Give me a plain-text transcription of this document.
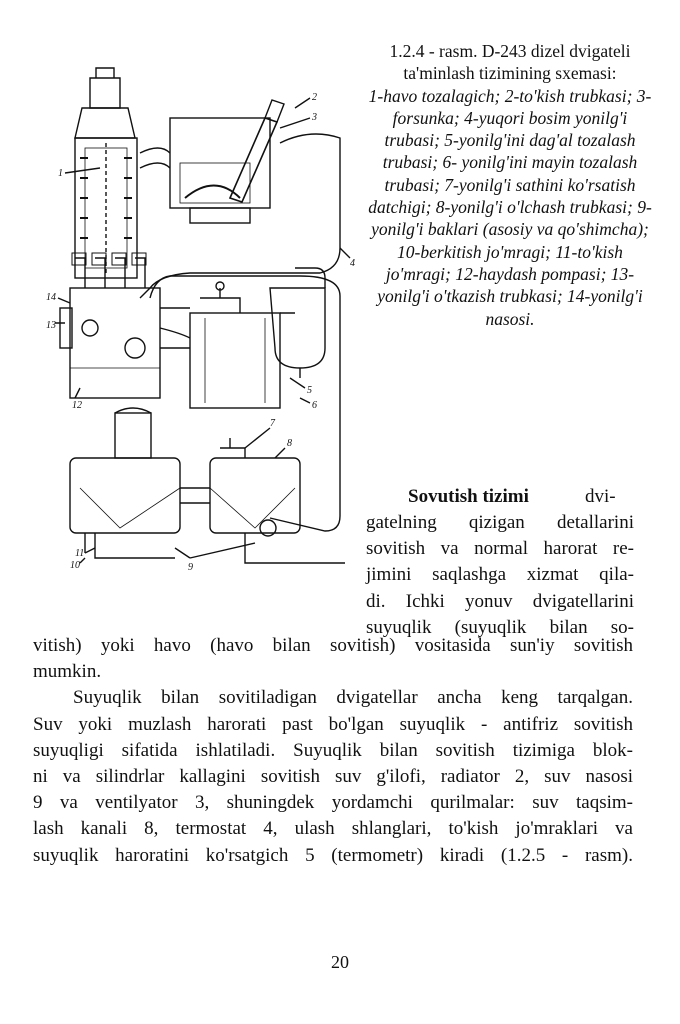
1
2
3
4
5
6
7
8
9
10
11
12
13
14
1.2.4 - rasm. D-243 dizel dvigateli ta'minlash tizimining sxemasi:
1-havo tozalagich; 2-to'kish trubkasi; 3-forsunka; 4-yuqori bosim yonilg'i trubasi; 5-yonilg'ini dag'al tozalash trubasi; 6- yonilg'ini mayin tozalash trubasi; 7-yonilg'i sathini ko'rsatish datchigi; 8-yonilg'i o'lchash trubkasi; 9-yonilg'i baklari (asosiy va qo'shimcha); 10-berkitish jo'mragi; 11-to'kish jo'mragi; 12-haydash pompasi; 13-yonilg'i o'tkazish trubkasi; 14-yonilg'i nasosi.
Sovutish tizimi	dvi-
gatelning qizigan detallarini
sovitish va normal harorat re-
jimini saqlashga xizmat qila-
di. Ichki yonuv dvigatellarini
suyuqlik (suyuqlik bilan so-
vitish) yoki havo (havo bilan sovitish) vositasida sun'iy sovitish
mumkin.
Suyuqlik bilan sovitiladigan dvigatellar ancha keng tarqalgan.
Suv yoki muzlash harorati past bo'lgan suyuqlik - antifriz sovitish
suyuqligi sifatida ishlatiladi. Suyuqlik bilan sovitish tizimiga blok-
ni va silindrlar kallagini sovitish suv g'ilofi, radiator 2, suv nasosi
9 va ventilyator 3, shuningdek yordamchi qurilmalar: suv taqsim-
lash kanali 8, termostat 4, ulash shlanglari, to'kish jo'mraklari va
suyuqlik haroratini ko'rsatgich 5 (termometr) kiradi (1.2.5 - rasm).
20
